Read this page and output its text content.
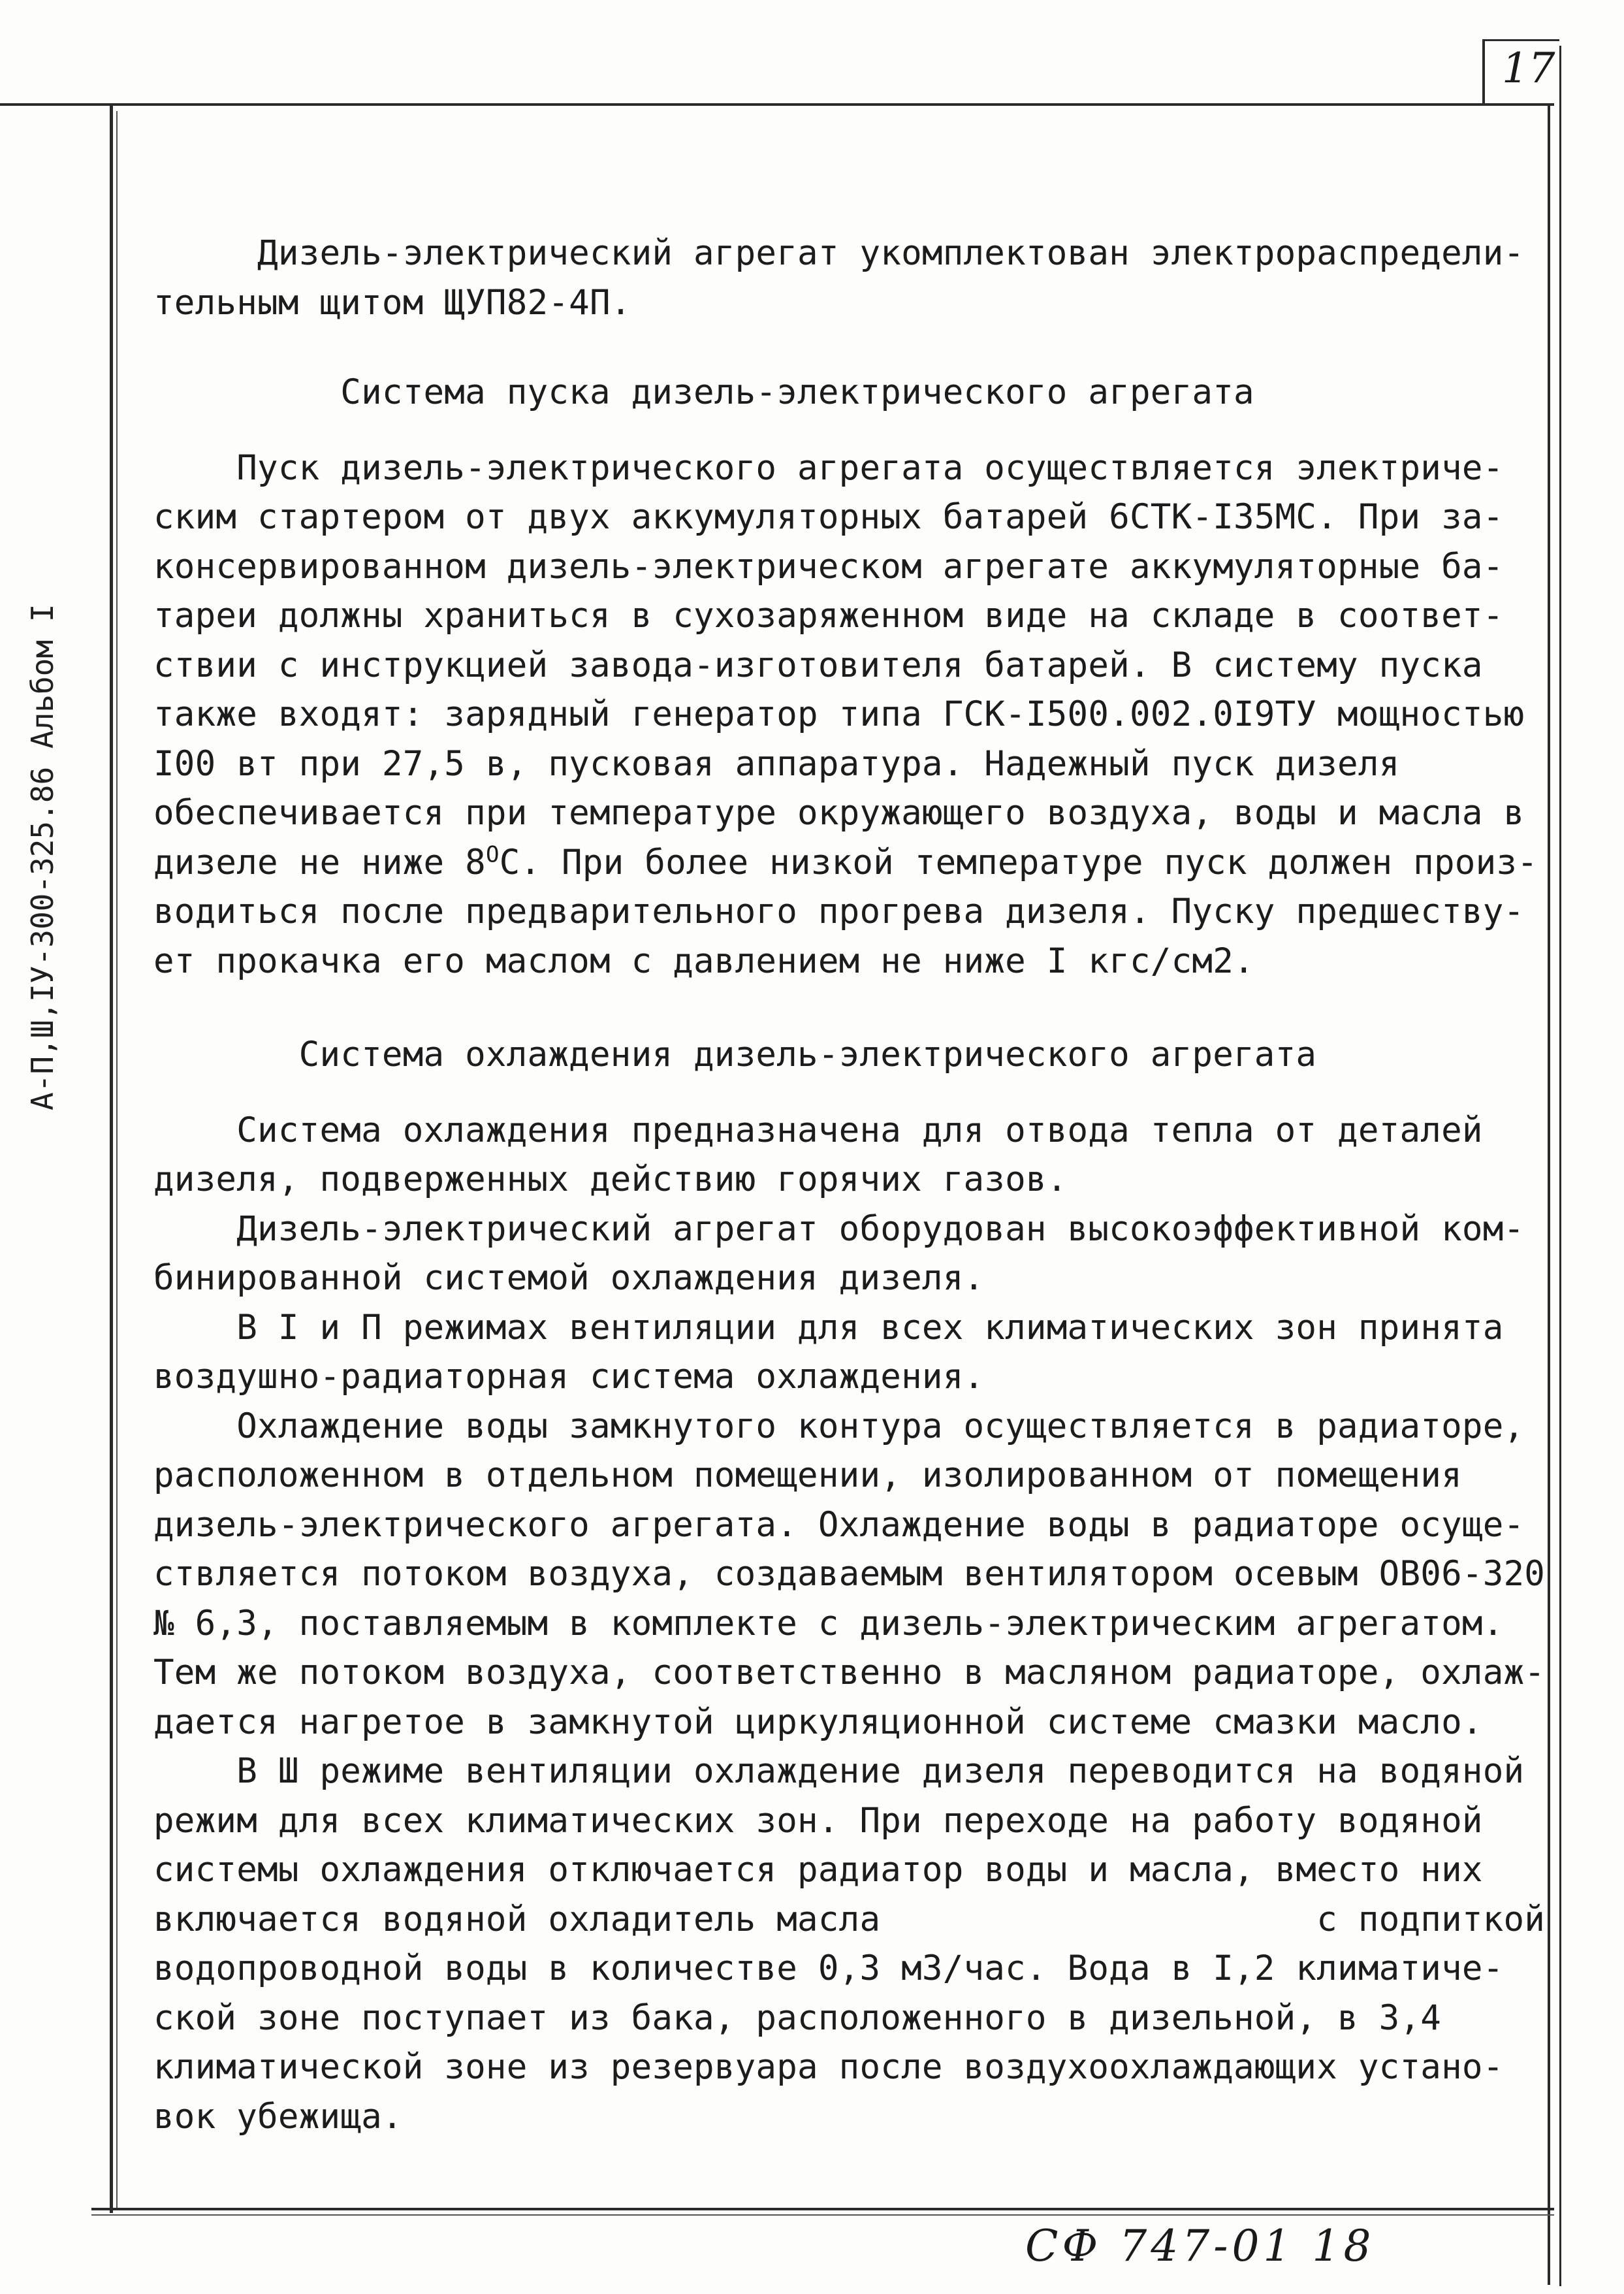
17
А-П,Ш,ІУ-300-325.86 Альбом I
Дизель-электрический агрегат укомплектован электрораспредели-
тельным щитом ЩУП82-4П.
Система пуска дизель-электрического агрегата
Пуск дизель-электрического агрегата осуществляется электриче-
ским стартером от двух аккумуляторных батарей 6СТК-I35МС. При за-
консервированном дизель-электрическом агрегате аккумуляторные ба-
тареи должны храниться в сухозаряженном виде на складе в соответ-
ствии с инструкцией завода-изготовителя батарей. В систему пуска
также входят: зарядный генератор типа ГСК-I500.002.0I9ТУ мощностью
I00 вт при 27,5 в, пусковая аппаратура. Надежный пуск дизеля
обеспечивается при температуре окружающего воздуха, воды и масла в
дизеле не ниже $8^ОС$. При более низкой температуре пуск должен произ-
водиться после предварительного прогрева дизеля. Пуску предшеству-
ет прокачка его маслом с давлением не ниже I кгс/см2.
Система охлаждения дизель-электрического агрегата
Система охлаждения предназначена для отвода тепла от деталей
дизеля, подверженных действию горячих газов.
Дизель-электрический агрегат оборудован высокоэффективной ком-
бинированной системой охлаждения дизеля.
В I и П режимах вентиляции для всех климатических зон принята
воздушно-радиаторная система охлаждения.
Охлаждение воды замкнутого контура осуществляется в радиаторе,
расположенном в отдельном помещении, изолированном от помещения
дизель-электрического агрегата. Охлаждение воды в радиаторе осуще-
ствляется потоком воздуха, создаваемым вентилятором осевым ОВ06-320
№ 6,3, поставляемым в комплекте с дизель-электрическим агрегатом.
Тем же потоком воздуха, соответственно в масляном радиаторе, охлаж-
дается нагретое в замкнутой циркуляционной системе смазки масло.
В Ш режиме вентиляции охлаждение дизеля переводится на водяной
режим для всех климатических зон. При переходе на работу водяной
системы охлаждения отключается радиатор воды и масла, вместо них
включается водяной охладитель масла                     с подпиткой
водопроводной воды в количестве 0,3 м3/час. Вода в I,2 климатиче-
ской зоне поступает из бака, расположенного в дизельной, в 3,4
климатической зоне из резервуара после воздухоохлаждающих устано-
вок убежища.
СФ 747-01 18
